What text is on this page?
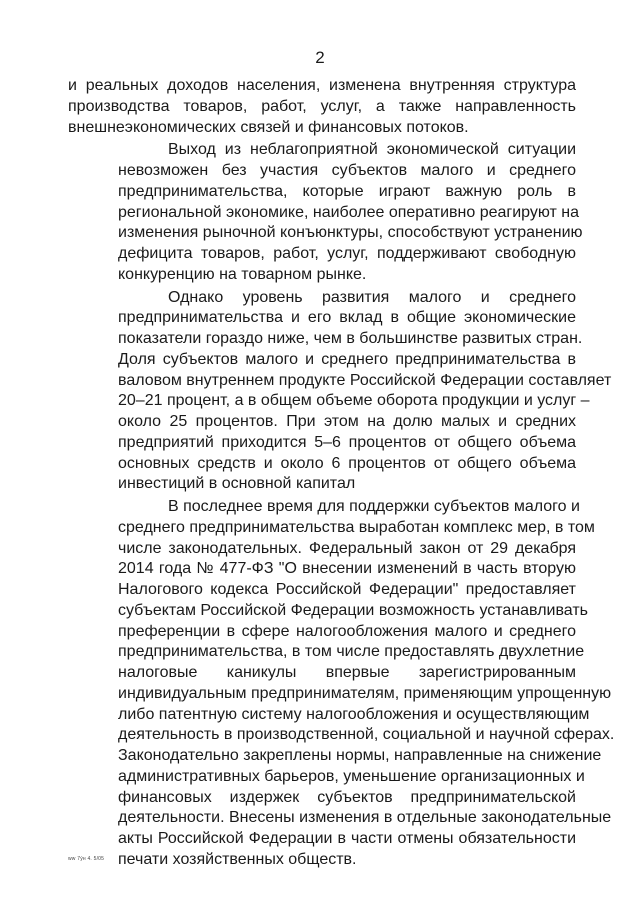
2
и реальных доходов населения, изменена внутренняя структура
производства товаров, работ, услуг, а также направленность
внешнеэкономических связей и финансовых потоков.
Выход из неблагоприятной экономической ситуации
невозможен без участия субъектов малого и среднего
предпринимательства, которые играют важную роль в
региональной экономике, наиболее оперативно реагируют на
изменения рыночной конъюнктуры, способствуют устранению
дефицита товаров, работ, услуг, поддерживают свободную
конкуренцию на товарном рынке.
Однако уровень развития малого и среднего
предпринимательства и его вклад в общие экономические
показатели гораздо ниже, чем в большинстве развитых стран.
Доля субъектов малого и среднего предпринимательства в
валовом внутреннем продукте Российской Федерации составляет
20–21 процент, а в общем объеме оборота продукции и услуг –
около 25 процентов. При этом на долю малых и средних
предприятий приходится 5–6 процентов от общего объема
основных средств и около 6 процентов от общего объема
инвестиций в основной капитал
В последнее время для поддержки субъектов малого и
среднего предпринимательства выработан комплекс мер, в том
числе законодательных. Федеральный закон от 29 декабря
2014 года № 477-ФЗ "О внесении изменений в часть вторую
Налогового кодекса Российской Федерации" предоставляет
субъектам Российской Федерации возможность устанавливать
преференции в сфере налогообложения малого и среднего
предпринимательства, в том числе предоставлять двухлетние
налоговые каникулы впервые зарегистрированным
индивидуальным предпринимателям, применяющим упрощенную
либо патентную систему налогообложения и осуществляющим
деятельность в производственной, социальной и научной сферах.
Законодательно закреплены нормы, направленные на снижение
административных барьеров, уменьшение организационных и
финансовых издержек субъектов предпринимательской
деятельности. Внесены изменения в отдельные законодательные
акты Российской Федерации в части отмены обязательности
печати хозяйственных обществ.
ww 7ýн 4. 5/05
